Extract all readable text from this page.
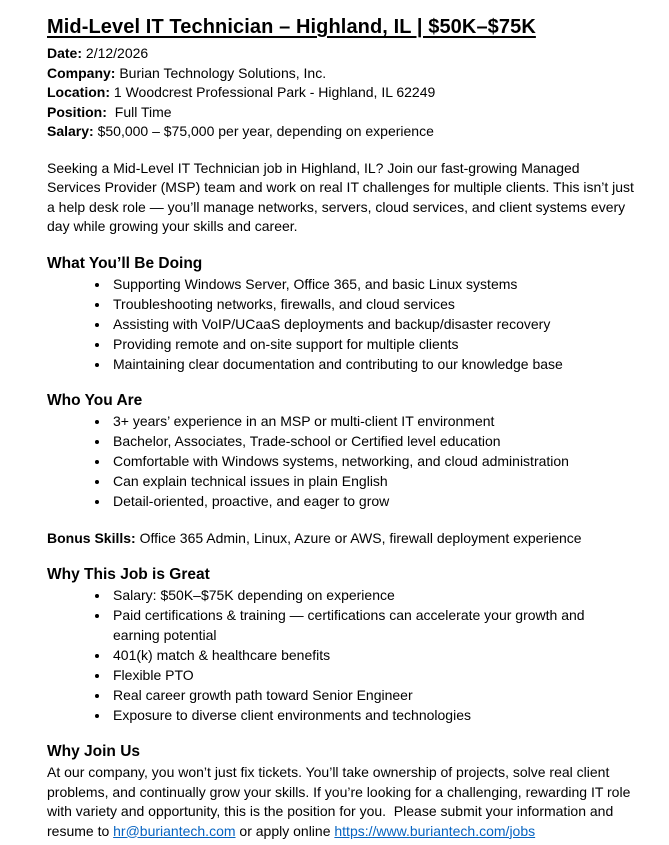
Mid-Level IT Technician – Highland, IL | $50K–$75K

Date: 2/12/2026

Company: Burian Technology Solutions, Inc.

Location: 1 Woodcrest Professional Park - Highland, IL 62249

Position: Full Time

Salary: $50,000 – $75,000 per year, depending on experience

Seeking a Mid-Level IT Technician job in Highland, IL? Join our fast-growing Managed Services Provider (MSP) team and work on real IT challenges for multiple clients. This isn’t just a help desk role — you’ll manage networks, servers, cloud services, and client systems every day while growing your skills and career.

What You’ll Be Doing
• Supporting Windows Server, Office 365, and basic Linux systems
• Troubleshooting networks, firewalls, and cloud services
• Assisting with VoIP/UCaaS deployments and backup/disaster recovery
• Providing remote and on-site support for multiple clients
• Maintaining clear documentation and contributing to our knowledge base
Who You Are
• 3+ years’ experience in an MSP or multi-client IT environment
• Bachelor, Associates, Trade-school or Certified level education
• Comfortable with Windows systems, networking, and cloud administration
• Can explain technical issues in plain English
• Detail-oriented, proactive, and eager to grow

Bonus Skills: Office 365 Admin, Linux, Azure or AWS, firewall deployment experience

Why This Job is Great
• Salary: $50K–$75K depending on experience
• Paid certifications & training — certifications can accelerate your growth and earning potential
• 401(k) match & healthcare benefits
• Flexible PTO
• Real career growth path toward Senior Engineer
• Exposure to diverse client environments and technologies
Why Join Us

At our company, you won’t just fix tickets. You’ll take ownership of projects, solve real client problems, and continually grow your skills. If you’re looking for a challenging, rewarding IT role with variety and opportunity, this is the position for you.  Please submit your information and resume to hr@buriantech.com or apply online https://www.buriantech.com/jobs
